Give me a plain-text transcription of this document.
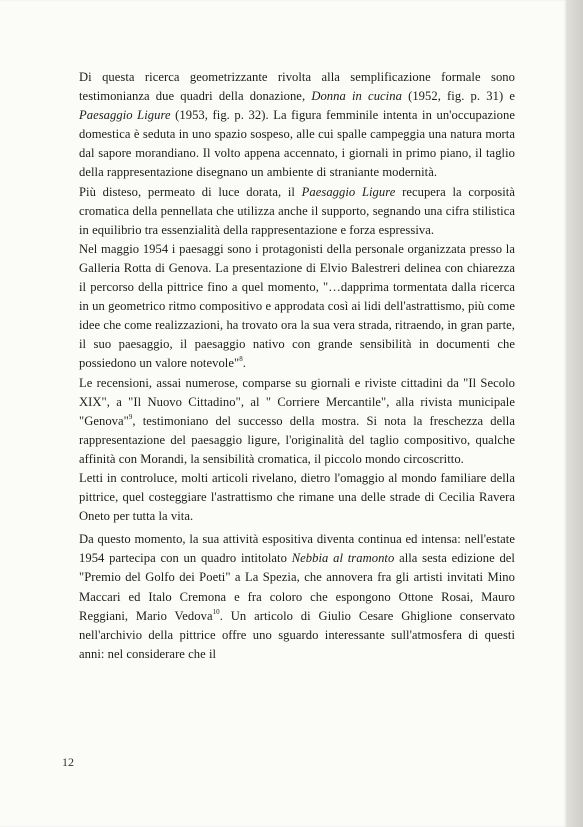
Di questa ricerca geometrizzante rivolta alla semplificazione formale sono testimonianza due quadri della donazione, Donna in cucina (1952, fig. p. 31) e Paesaggio Ligure (1953, fig. p. 32). La figura femminile intenta in un'occupazione domestica è seduta in uno spazio sospeso, alle cui spalle campeggia una natura morta dal sapore morandiano. Il volto appena accennato, i giornali in primo piano, il taglio della rappresentazione disegnano un ambiente di straniante modernità.

Più disteso, permeato di luce dorata, il Paesaggio Ligure recupera la corposità cromatica della pennellata che utilizza anche il supporto, segnando una cifra stilistica in equilibrio tra essenzialità della rappresentazione e forza espressiva.

Nel maggio 1954 i paesaggi sono i protagonisti della personale organizzata presso la Galleria Rotta di Genova. La presentazione di Elvio Balestreri delinea con chiarezza il percorso della pittrice fino a quel momento, "…dapprima tormentata dalla ricerca in un geometrico ritmo compositivo e approdata così ai lidi dell'astrattismo, più come idee che come realizzazioni, ha trovato ora la sua vera strada, ritraendo, in gran parte, il suo paesaggio, il paesaggio nativo con grande sensibilità in documenti che possiedono un valore notevole"$^8$.

Le recensioni, assai numerose, comparse su giornali e riviste cittadini da "Il Secolo XIX", a "Il Nuovo Cittadino", al " Corriere Mercantile", alla rivista municipale "Genova"$^9$, testimoniano del successo della mostra. Si nota la freschezza della rappresentazione del paesaggio ligure, l'originalità del taglio compositivo, qualche affinità con Morandi, la sensibilità cromatica, il piccolo mondo circoscritto.

Letti in controluce, molti articoli rivelano, dietro l'omaggio al mondo familiare della pittrice, quel costeggiare l'astrattismo che rimane una delle strade di Cecilia Ravera Oneto per tutta la vita.

Da questo momento, la sua attività espositiva diventa continua ed intensa: nell'estate 1954 partecipa con un quadro intitolato Nebbia al tramonto alla sesta edizione del "Premio del Golfo dei Poeti" a La Spezia, che annovera fra gli artisti invitati Mino Maccari ed Italo Cremona e fra coloro che espongono Ottone Rosai, Mauro Reggiani, Mario Vedova$^{10}$. Un articolo di Giulio Cesare Ghiglione conservato nell'archivio della pittrice offre uno sguardo interessante sull'atmosfera di questi anni: nel considerare che il

12
